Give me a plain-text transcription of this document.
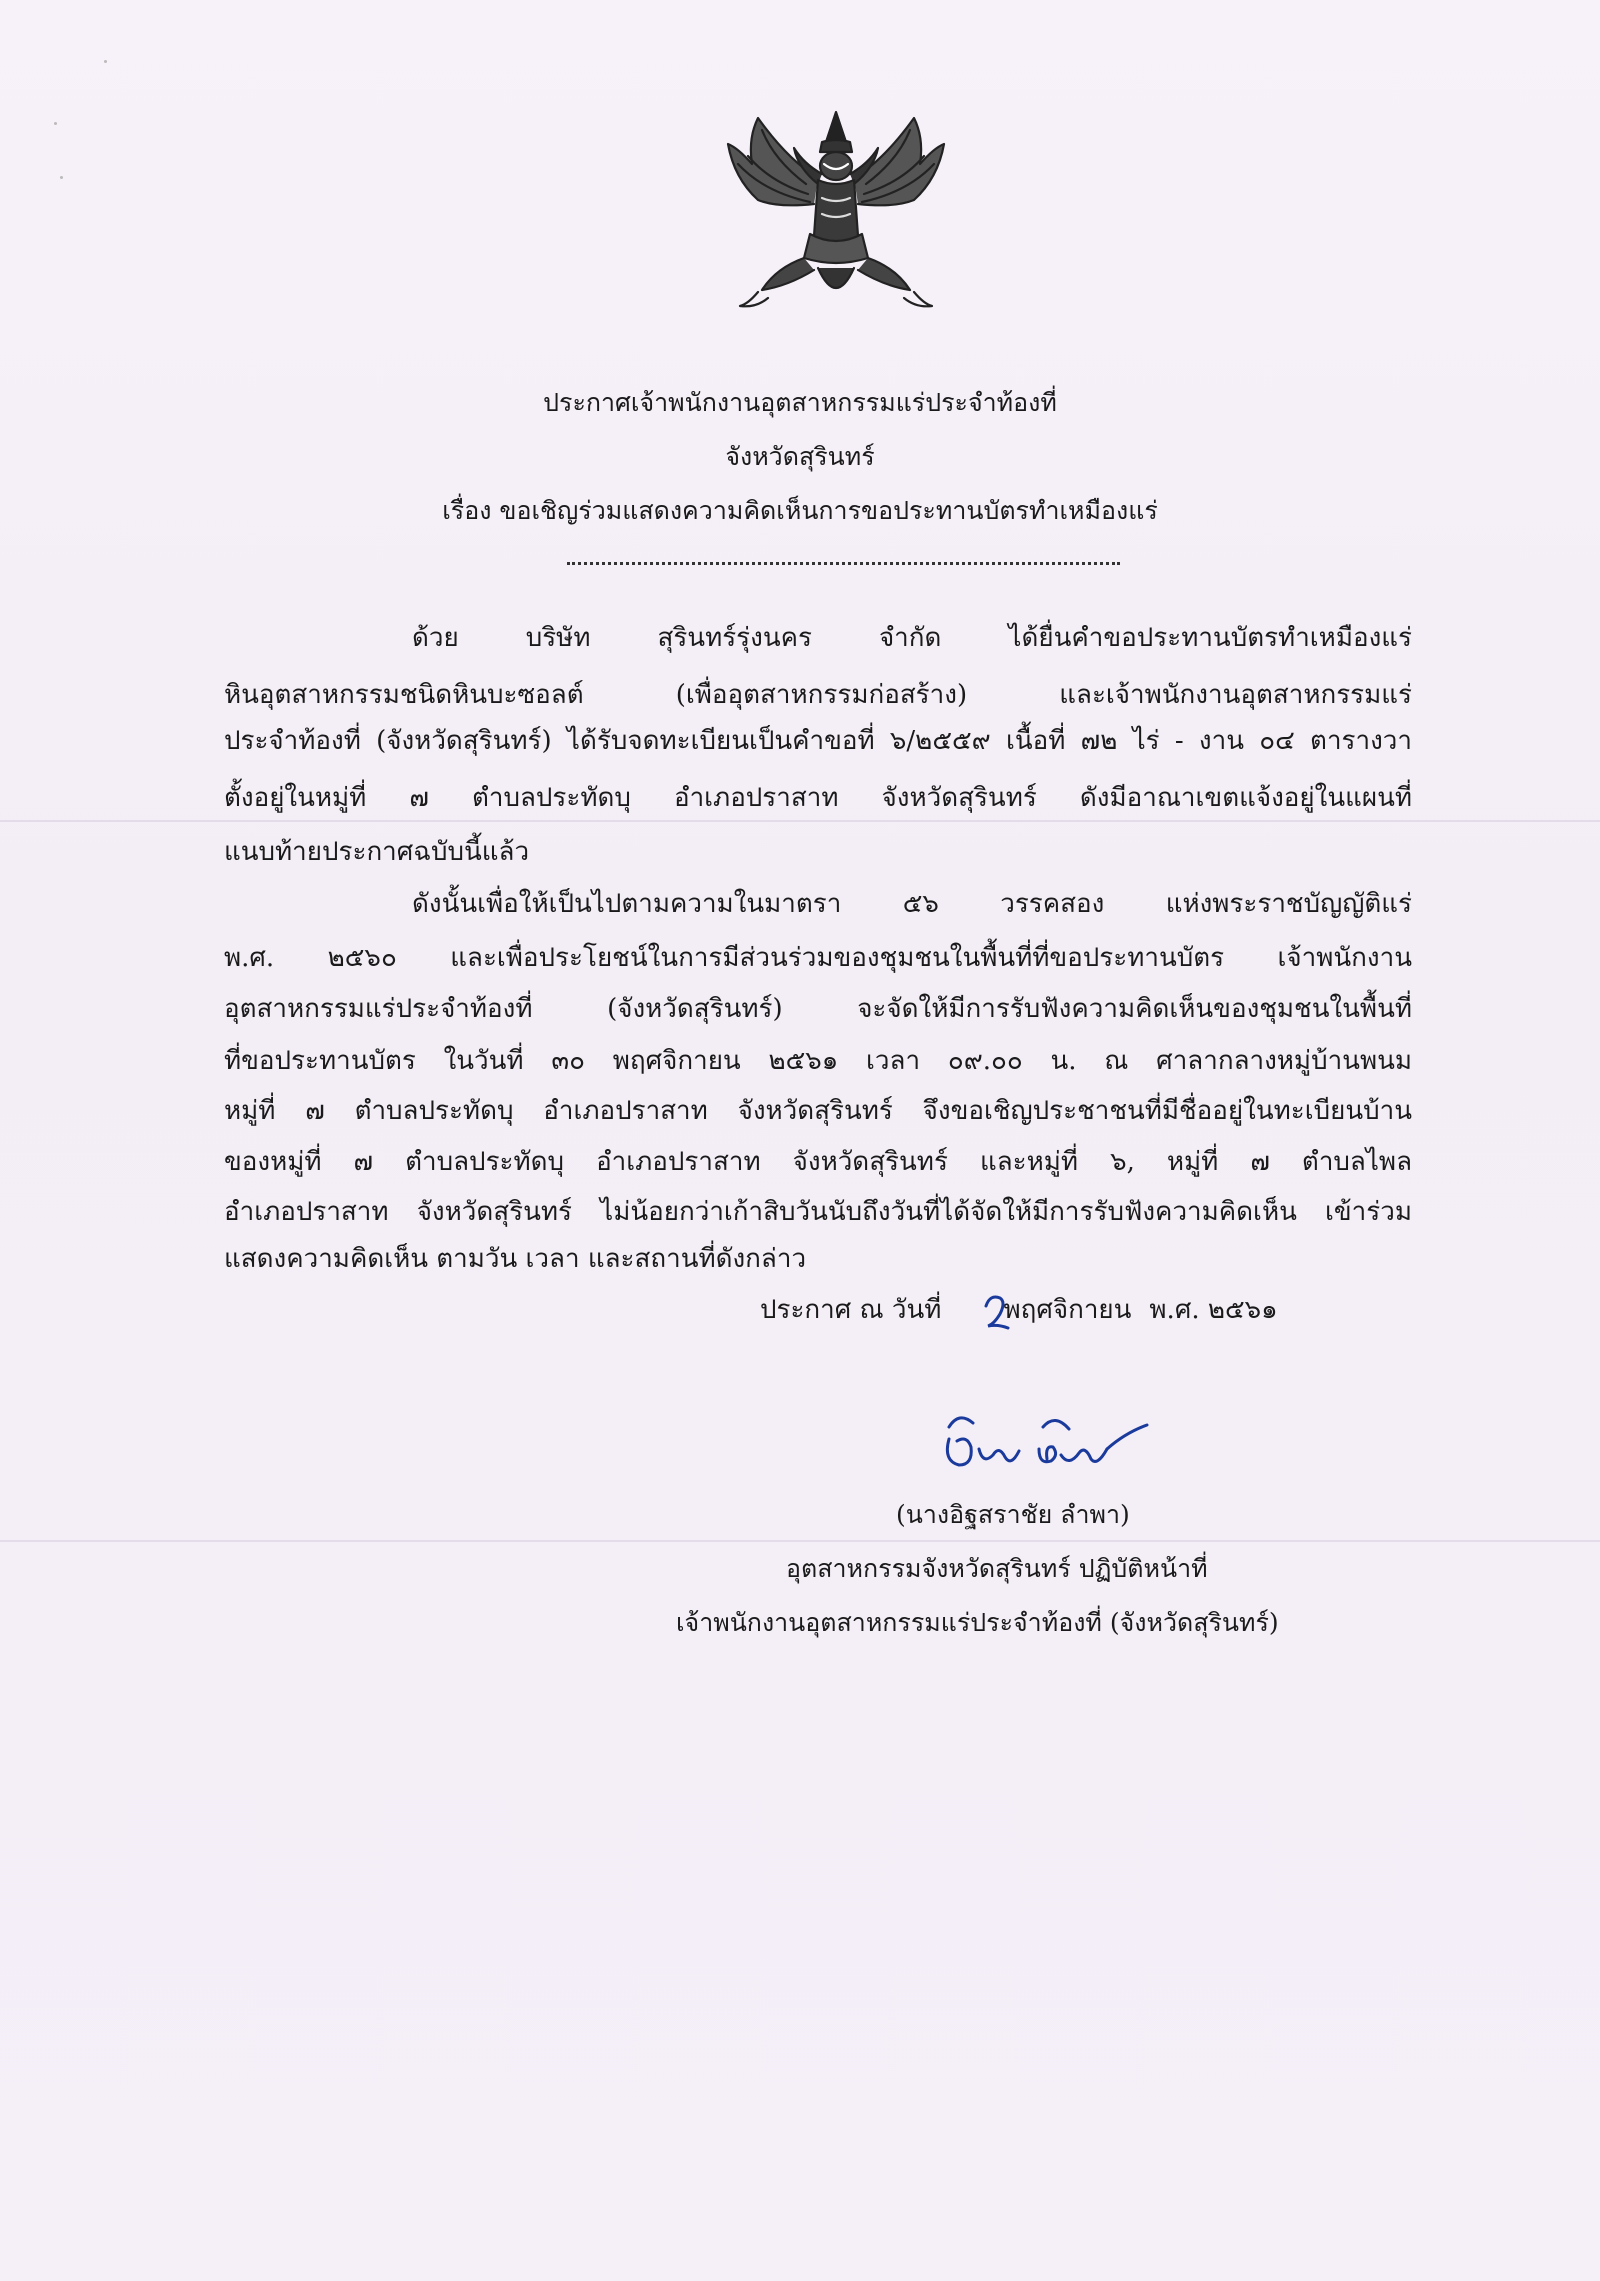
ประกาศเจ้าพนักงานอุตสาหกรรมแร่ประจำท้องที่
จังหวัดสุรินทร์
เรื่อง ขอเชิญร่วมแสดงความคิดเห็นการขอประทานบัตรทำเหมืองแร่
ด้วย บริษัท สุรินทร์รุ่งนคร จำกัด ได้ยื่นคำขอประทานบัตรทำเหมืองแร่
หินอุตสาหกรรมชนิดหินบะซอลต์ (เพื่ออุตสาหกรรมก่อสร้าง) และเจ้าพนักงานอุตสาหกรรมแร่
ประจำท้องที่ (จังหวัดสุรินทร์) ได้รับจดทะเบียนเป็นคำขอที่ ๖/๒๕๕๙ เนื้อที่ ๗๒ ไร่ - งาน ๐๔ ตารางวา
ตั้งอยู่ในหมู่ที่ ๗ ตำบลประทัดบุ อำเภอปราสาท จังหวัดสุรินทร์ ดังมีอาณาเขตแจ้งอยู่ในแผนที่
แนบท้ายประกาศฉบับนี้แล้ว
ดังนั้นเพื่อให้เป็นไปตามความในมาตรา ๕๖ วรรคสอง แห่งพระราชบัญญัติแร่
พ.ศ. ๒๕๖๐ และเพื่อประโยชน์ในการมีส่วนร่วมของชุมชนในพื้นที่ที่ขอประทานบัตร เจ้าพนักงาน
อุตสาหกรรมแร่ประจำท้องที่ (จังหวัดสุรินทร์) จะจัดให้มีการรับฟังความคิดเห็นของชุมชนในพื้นที่
ที่ขอประทานบัตร ในวันที่ ๓๐ พฤศจิกายน ๒๕๖๑ เวลา ๐๙.๐๐ น. ณ ศาลากลางหมู่บ้านพนม
หมู่ที่ ๗ ตำบลประทัดบุ อำเภอปราสาท จังหวัดสุรินทร์ จึงขอเชิญประชาชนที่มีชื่ออยู่ในทะเบียนบ้าน
ของหมู่ที่ ๗ ตำบลประทัดบุ อำเภอปราสาท จังหวัดสุรินทร์ และหมู่ที่ ๖, หมู่ที่ ๗ ตำบลไพล
อำเภอปราสาท จังหวัดสุรินทร์ ไม่น้อยกว่าเก้าสิบวันนับถึงวันที่ได้จัดให้มีการรับฟังความคิดเห็น เข้าร่วม
แสดงความคิดเห็น ตามวัน เวลา และสถานที่ดังกล่าว
ประกาศ ณ วันที่ พฤศจิกายน พ.ศ. ๒๕๖๑
(นางอิฐสราชัย ลำพา)
อุตสาหกรรมจังหวัดสุรินทร์ ปฏิบัติหน้าที่
เจ้าพนักงานอุตสาหกรรมแร่ประจำท้องที่ (จังหวัดสุรินทร์)
